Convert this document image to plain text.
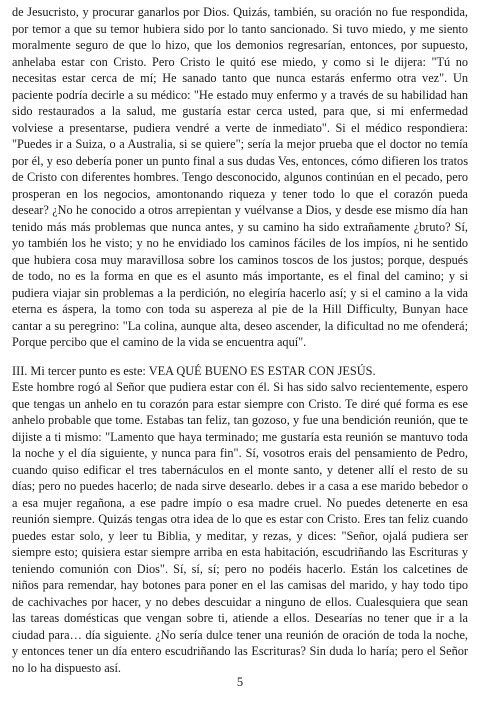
de Jesucristo, y procurar ganarlos por Dios. Quizás, también, su oración no fue respondida, por temor a que su temor hubiera sido por lo tanto sancionado. Si tuvo miedo, y me siento moralmente seguro de que lo hizo, que los demonios regresarían, entonces, por supuesto, anhelaba estar con Cristo. Pero Cristo le quitó ese miedo, y como si le dijera: "Tú no necesitas estar cerca de mí; He sanado tanto que nunca estarás enfermo otra vez". Un paciente podría decirle a su médico: "He estado muy enfermo y a través de su habilidad han sido restaurados a la salud, me gustaría estar cerca usted, para que, si mi enfermedad volviese a presentarse, pudiera vendré a verte de inmediato". Si el médico respondiera: "Puedes ir a Suiza, o a Australia, si se quiere"; sería la mejor prueba que el doctor no temía por él, y eso debería poner un punto final a sus dudas Ves, entonces, cómo difieren los tratos de Cristo con diferentes hombres. Tengo desconocido, algunos continúan en el pecado, pero prosperan en los negocios, amontonando riqueza y tener todo lo que el corazón pueda desear? ¿No he conocido a otros arrepientan y vuélvanse a Dios, y desde ese mismo día han tenido más más problemas que nunca antes, y su camino ha sido extrañamente ¿bruto? Sí, yo también los he visto; y no he envidiado los caminos fáciles de los impíos, ni he sentido que hubiera cosa muy maravillosa sobre los caminos toscos de los justos; porque, después de todo, no es la forma en que es el asunto más importante, es el final del camino; y si pudiera viajar sin problemas a la perdición, no elegiría hacerlo así; y si el camino a la vida eterna es áspera, la tomo con toda su aspereza al pie de la Hill Difficulty, Bunyan hace cantar a su peregrino: "La colina, aunque alta, deseo ascender, la dificultad no me ofenderá; Porque percibo que el camino de la vida se encuentra aquí".

III. Mi tercer punto es este: VEA QUÉ BUENO ES ESTAR CON JESÚS.

Este hombre rogó al Señor que pudiera estar con él. Si has sido salvo recientemente, espero que tengas un anhelo en tu corazón para estar siempre con Cristo. Te diré qué forma es ese anhelo probable que tome. Estabas tan feliz, tan gozoso, y fue una bendición reunión, que te dijiste a ti mismo: "Lamento que haya terminado; me gustaría esta reunión se mantuvo toda la noche y el día siguiente, y nunca para fin". Sí, vosotros erais del pensamiento de Pedro, cuando quiso edificar el tres tabernáculos en el monte santo, y detener allí el resto de su días; pero no puedes hacerlo; de nada sirve desearlo. debes ir a casa a ese marido bebedor o a esa mujer regañona, a ese padre impío o esa madre cruel. No puedes detenerte en esa reunión siempre. Quizás tengas otra idea de lo que es estar con Cristo. Eres tan feliz cuando puedes estar solo, y leer tu Biblia, y meditar, y rezas, y dices: "Señor, ojalá pudiera ser siempre esto; quisiera estar siempre arriba en esta habitación, escudriñando las Escrituras y teniendo comunión con Dios". Sí, sí, sí; pero no podéis hacerlo. Están los calcetines de niños para remendar, hay botones para poner en el las camisas del marido, y hay todo tipo de cachivaches por hacer, y no debes descuidar a ninguno de ellos. Cualesquiera que sean las tareas domésticas que vengan sobre ti, atiende a ellos. Desearías no tener que ir a la ciudad para… día siguiente. ¿No sería dulce tener una reunión de oración de toda la noche, y entonces tener un día entero escudriñando las Escrituras? Sin duda lo haría; pero el Señor no lo ha dispuesto así.

5
